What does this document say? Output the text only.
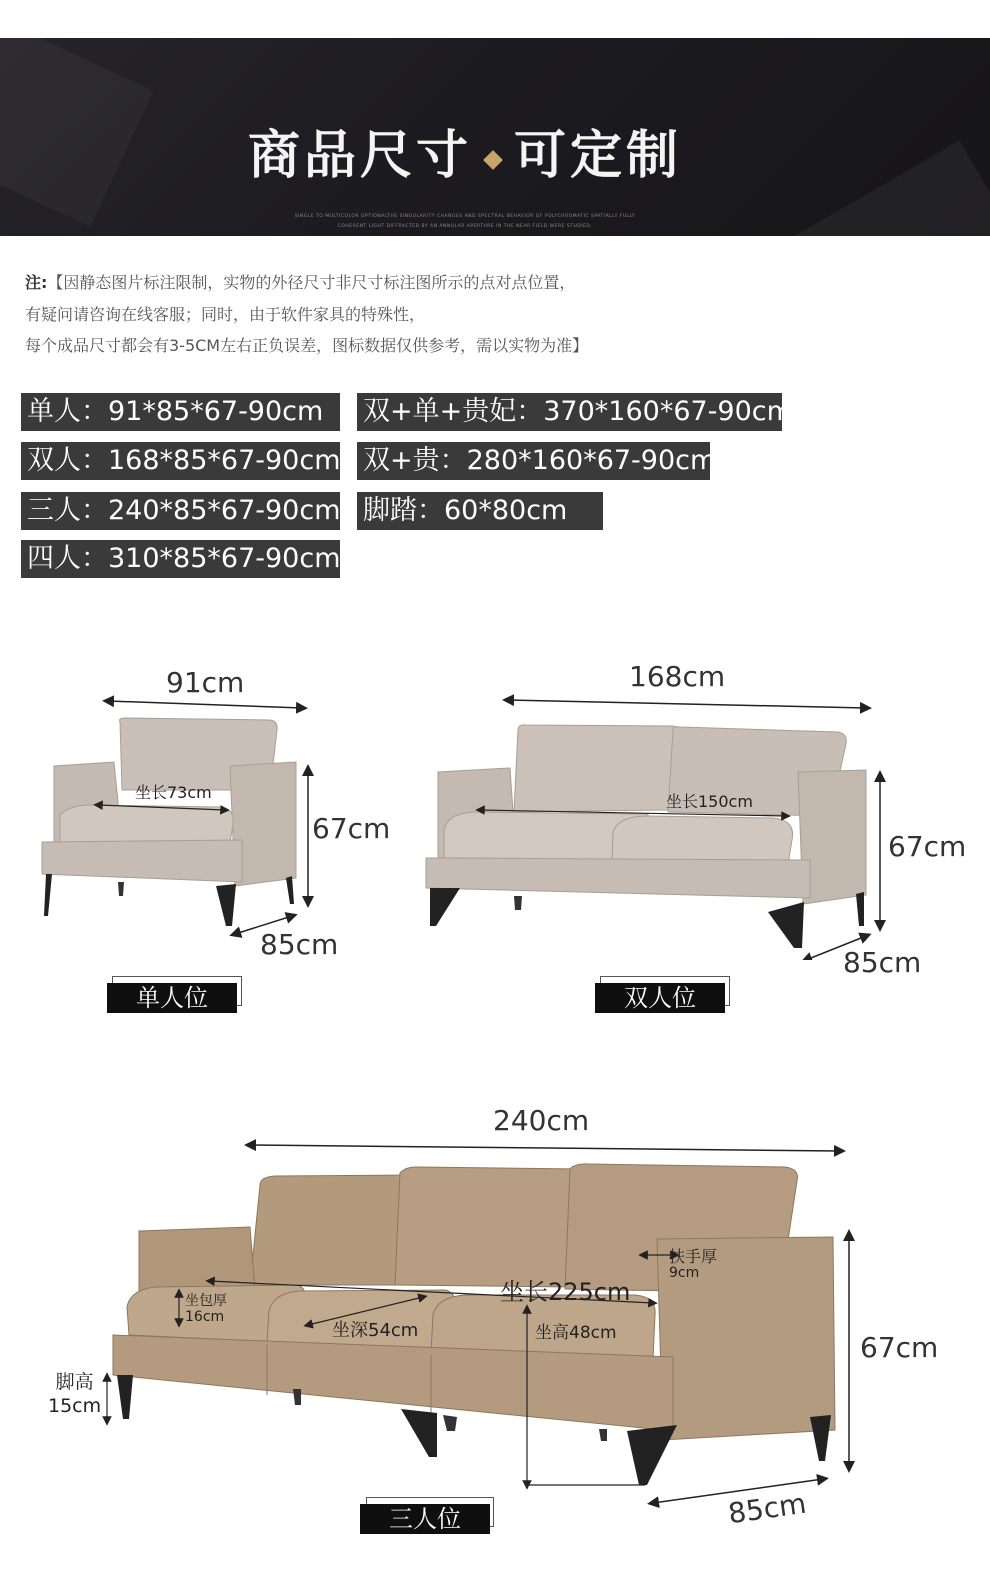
商品尺寸 可定制
SINGLE TO MULTICOLOR OPTIONALTHE SINGULARITY CHANGES AND SPECTRAL BEHAVIOR OF POLYCHROMATIC SPATIALLY FULLY
COHERENT LIGHT DIFFRACTED BY AN ANNULAR APERTURE IN THE NEAR FIELD WERE STUDIED.
注:【因静态图片标注限制，实物的外径尺寸非尺寸标注图所示的点对点位置，
有疑问请咨询在线客服；同时，由于软件家具的特殊性，
每个成品尺寸都会有3-5CM左右正负误差，图标数据仅供参考，需以实物为准】
单人：91*85*67-90cm
双人：168*85*67-90cm
三人：240*85*67-90cm
四人：310*85*67-90cm
双+单+贵妃：370*160*67-90cm
双+贵：280*160*67-90cm
脚踏：60*80cm
91cm
坐长73cm
67cm
85cm
单人位
168cm
坐长150cm
67cm
85cm
双人位
240cm
扶手厚
9cm
坐长225cm
坐包厚
16cm
坐深54cm	坐高48cm
脚高
15cm
67cm
85cm
三人位
